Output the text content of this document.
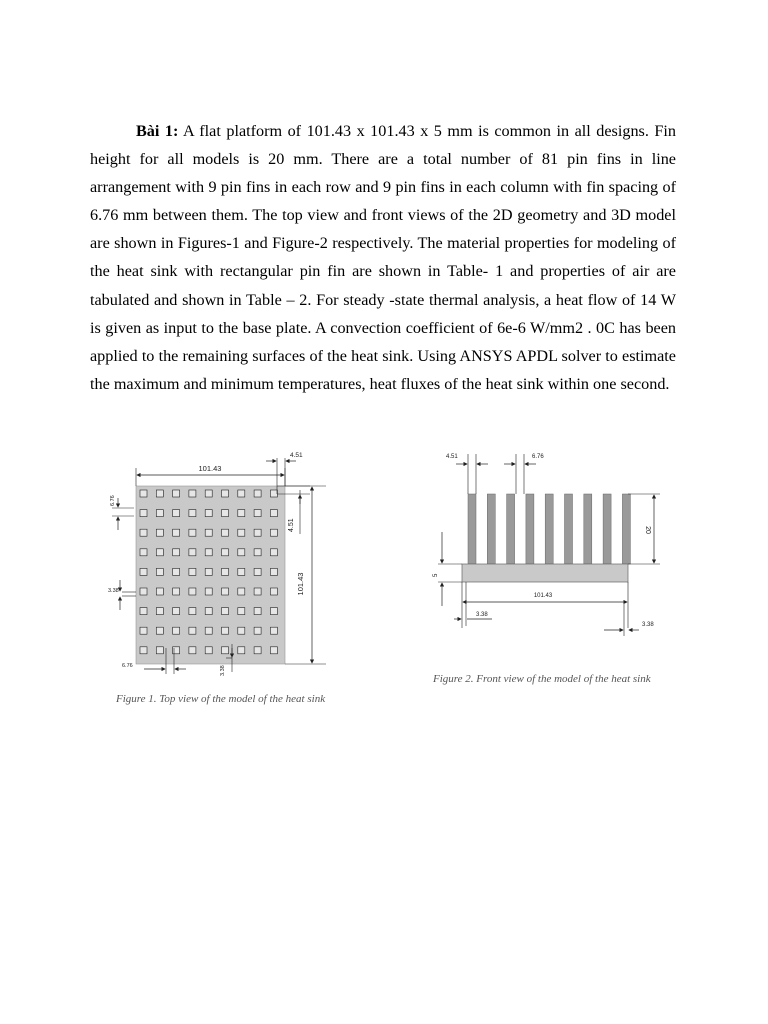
Bài 1: A flat platform of 101.43 x 101.43 x 5 mm is common in all designs. Fin height for all models is 20 mm. There are a total number of 81 pin fins in line arrangement with 9 pin fins in each row and 9 pin fins in each column with fin spacing of 6.76 mm between them. The top view and front views of the 2D geometry and 3D model are shown in Figures-1 and Figure-2 respectively. The material properties for modeling of the heat sink with rectangular pin fin are shown in Table- 1 and properties of air are tabulated and shown in Table – 2. For steady -state thermal analysis, a heat flow of 14 W is given as input to the base plate. A convection coefficient of 6e-6 W/mm2 . 0C has been applied to the remaining surfaces of the heat sink. Using ANSYS APDL solver to estimate the maximum and minimum temperatures, heat fluxes of the heat sink within one second.

101.43
4.51
4.51
101.43
6.76
3.38
6.76	3.38
Figure 1. Top view of the model of the heat sink
4.51	6.76
20
5
101.43
3.38
3.38
Figure 2. Front view of the model of the heat sink
